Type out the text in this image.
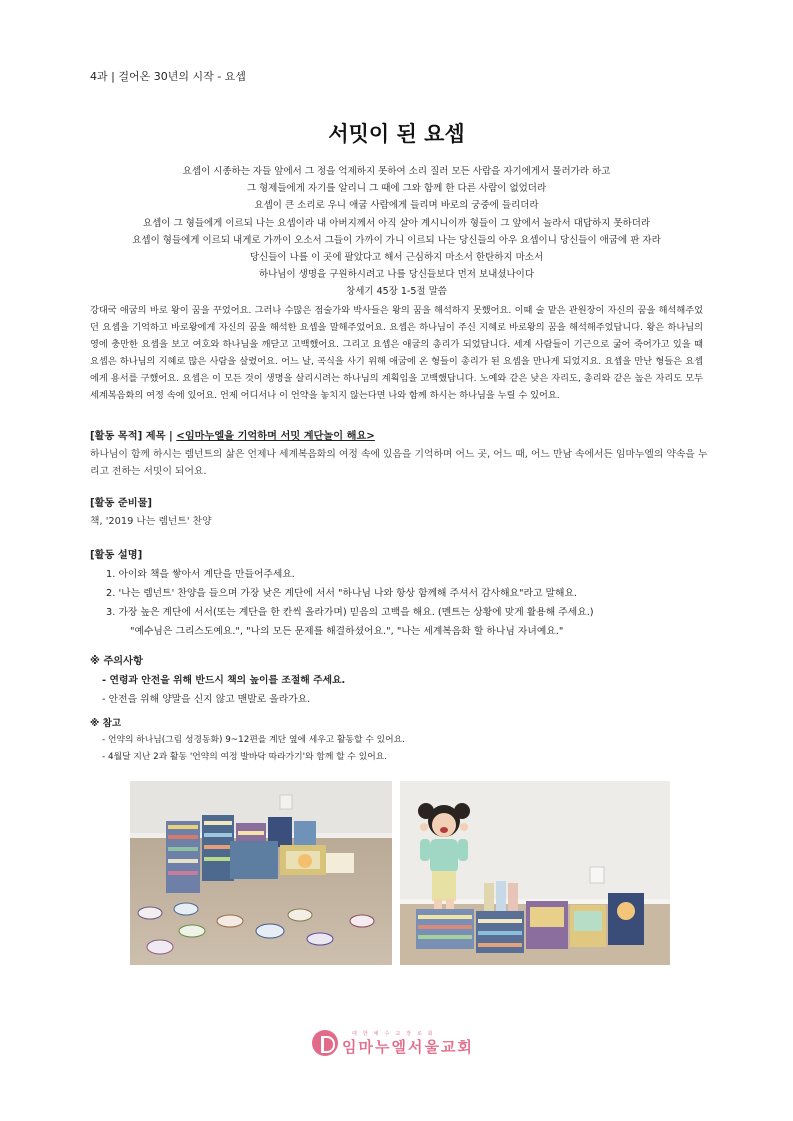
4과 | 걸어온 30년의 시작 - 요셉
서밋이 된 요셉
요셉이 시종하는 자들 앞에서 그 정을 억제하지 못하여 소리 질러 모든 사람을 자기에게서 물러가라 하고
그 형제들에게 자기를 알리니 그 때에 그와 함께 한 다른 사람이 없었더라
요셉이 큰 소리로 우니 애굽 사람에게 들리며 바로의 궁중에 들리더라
요셉이 그 형들에게 이르되 나는 요셉이라 내 아버지께서 아직 살아 계시니이까 형들이 그 앞에서 놀라서 대답하지 못하더라
요셉이 형들에게 이르되 내게로 가까이 오소서 그들이 가까이 가니 이르되 나는 당신들의 아우 요셉이니 당신들이 애굽에 판 자라
당신들이 나를 이 곳에 팔았다고 해서 근심하지 마소서 한탄하지 마소서
하나님이 생명을 구원하시려고 나를 당신들보다 먼저 보내셨나이다
창세기 45장 1-5절 말씀
강대국 애굽의 바로 왕이 꿈을 꾸었어요. 그러나 수많은 점술가와 박사들은 왕의 꿈을 해석하지 못했어요. 이때 술 맡은 관원장이 자신의 꿈을 해석해주었던 요셉을 기억하고 바로왕에게 자신의 꿈을 해석한 요셉을 말해주었어요. 요셉은 하나님이 주신 지혜로 바로왕의 꿈을 해석해주었답니다. 왕은 하나님의 영에 충만한 요셉을 보고 여호와 하나님을 깨닫고 고백했어요. 그리고 요셉은 애굽의 총리가 되었답니다. 세계 사람들이 기근으로 굶어 죽어가고 있을 때 요셉은 하나님의 지혜로 많은 사람을 살렸어요. 어느 날, 곡식을 사기 위해 애굽에 온 형들이 총리가 된 요셉을 만나게 되었지요. 요셉을 만난 형들은 요셉에게 용서를 구했어요. 요셉은 이 모든 것이 생명을 살리시려는 하나님의 계획임을 고백했답니다. 노예와 같은 낮은 자리도, 총리와 같은 높은 자리도 모두 세계복음화의 여정 속에 있어요. 언제 어디서나 이 언약을 놓치지 않는다면 나와 함께 하시는 하나님을 누릴 수 있어요.
[활동 목적] 제목 | <임마누엘을 기억하며 서밋 계단놀이 해요>
하나님이 함께 하시는 렘넌트의 삶은 언제나 세계복음화의 여정 속에 있음을 기억하며 어느 곳, 어느 때, 어느 만남 속에서든 임마누엘의 약속을 누리고 전하는 서밋이 되어요.
[활동 준비물]
책, '2019 나는 렘넌트' 찬양
[활동 설명]
1. 아이와 책을 쌓아서 계단을 만들어주세요.
2. '나는 렘넌트' 찬양을 들으며 가장 낮은 계단에 서서 "하나님 나와 항상 함께해 주셔서 감사해요"라고 말해요.
3. 가장 높은 계단에 서서(또는 계단을 한 칸씩 올라가며) 믿음의 고백을 해요. (멘트는 상황에 맞게 활용해 주세요.)
"예수님은 그리스도예요.", "나의 모든 문제를 해결하셨어요.", "나는 세계복음화 할 하나님 자녀예요."
※ 주의사항
- 연령과 안전을 위해 반드시 책의 높이를 조절해 주세요.
- 안전을 위해 양말을 신지 않고 맨발로 올라가요.
※ 참고
- 언약의 하나님(그림 성경동화) 9~12편을 계단 옆에 세우고 활동할 수 있어요.
- 4월달 지난 2과 활동 '언약의 여정 발바닥 따라가기'와 함께 할 수 있어요.
대한예수교장로회
임마누엘서울교회
